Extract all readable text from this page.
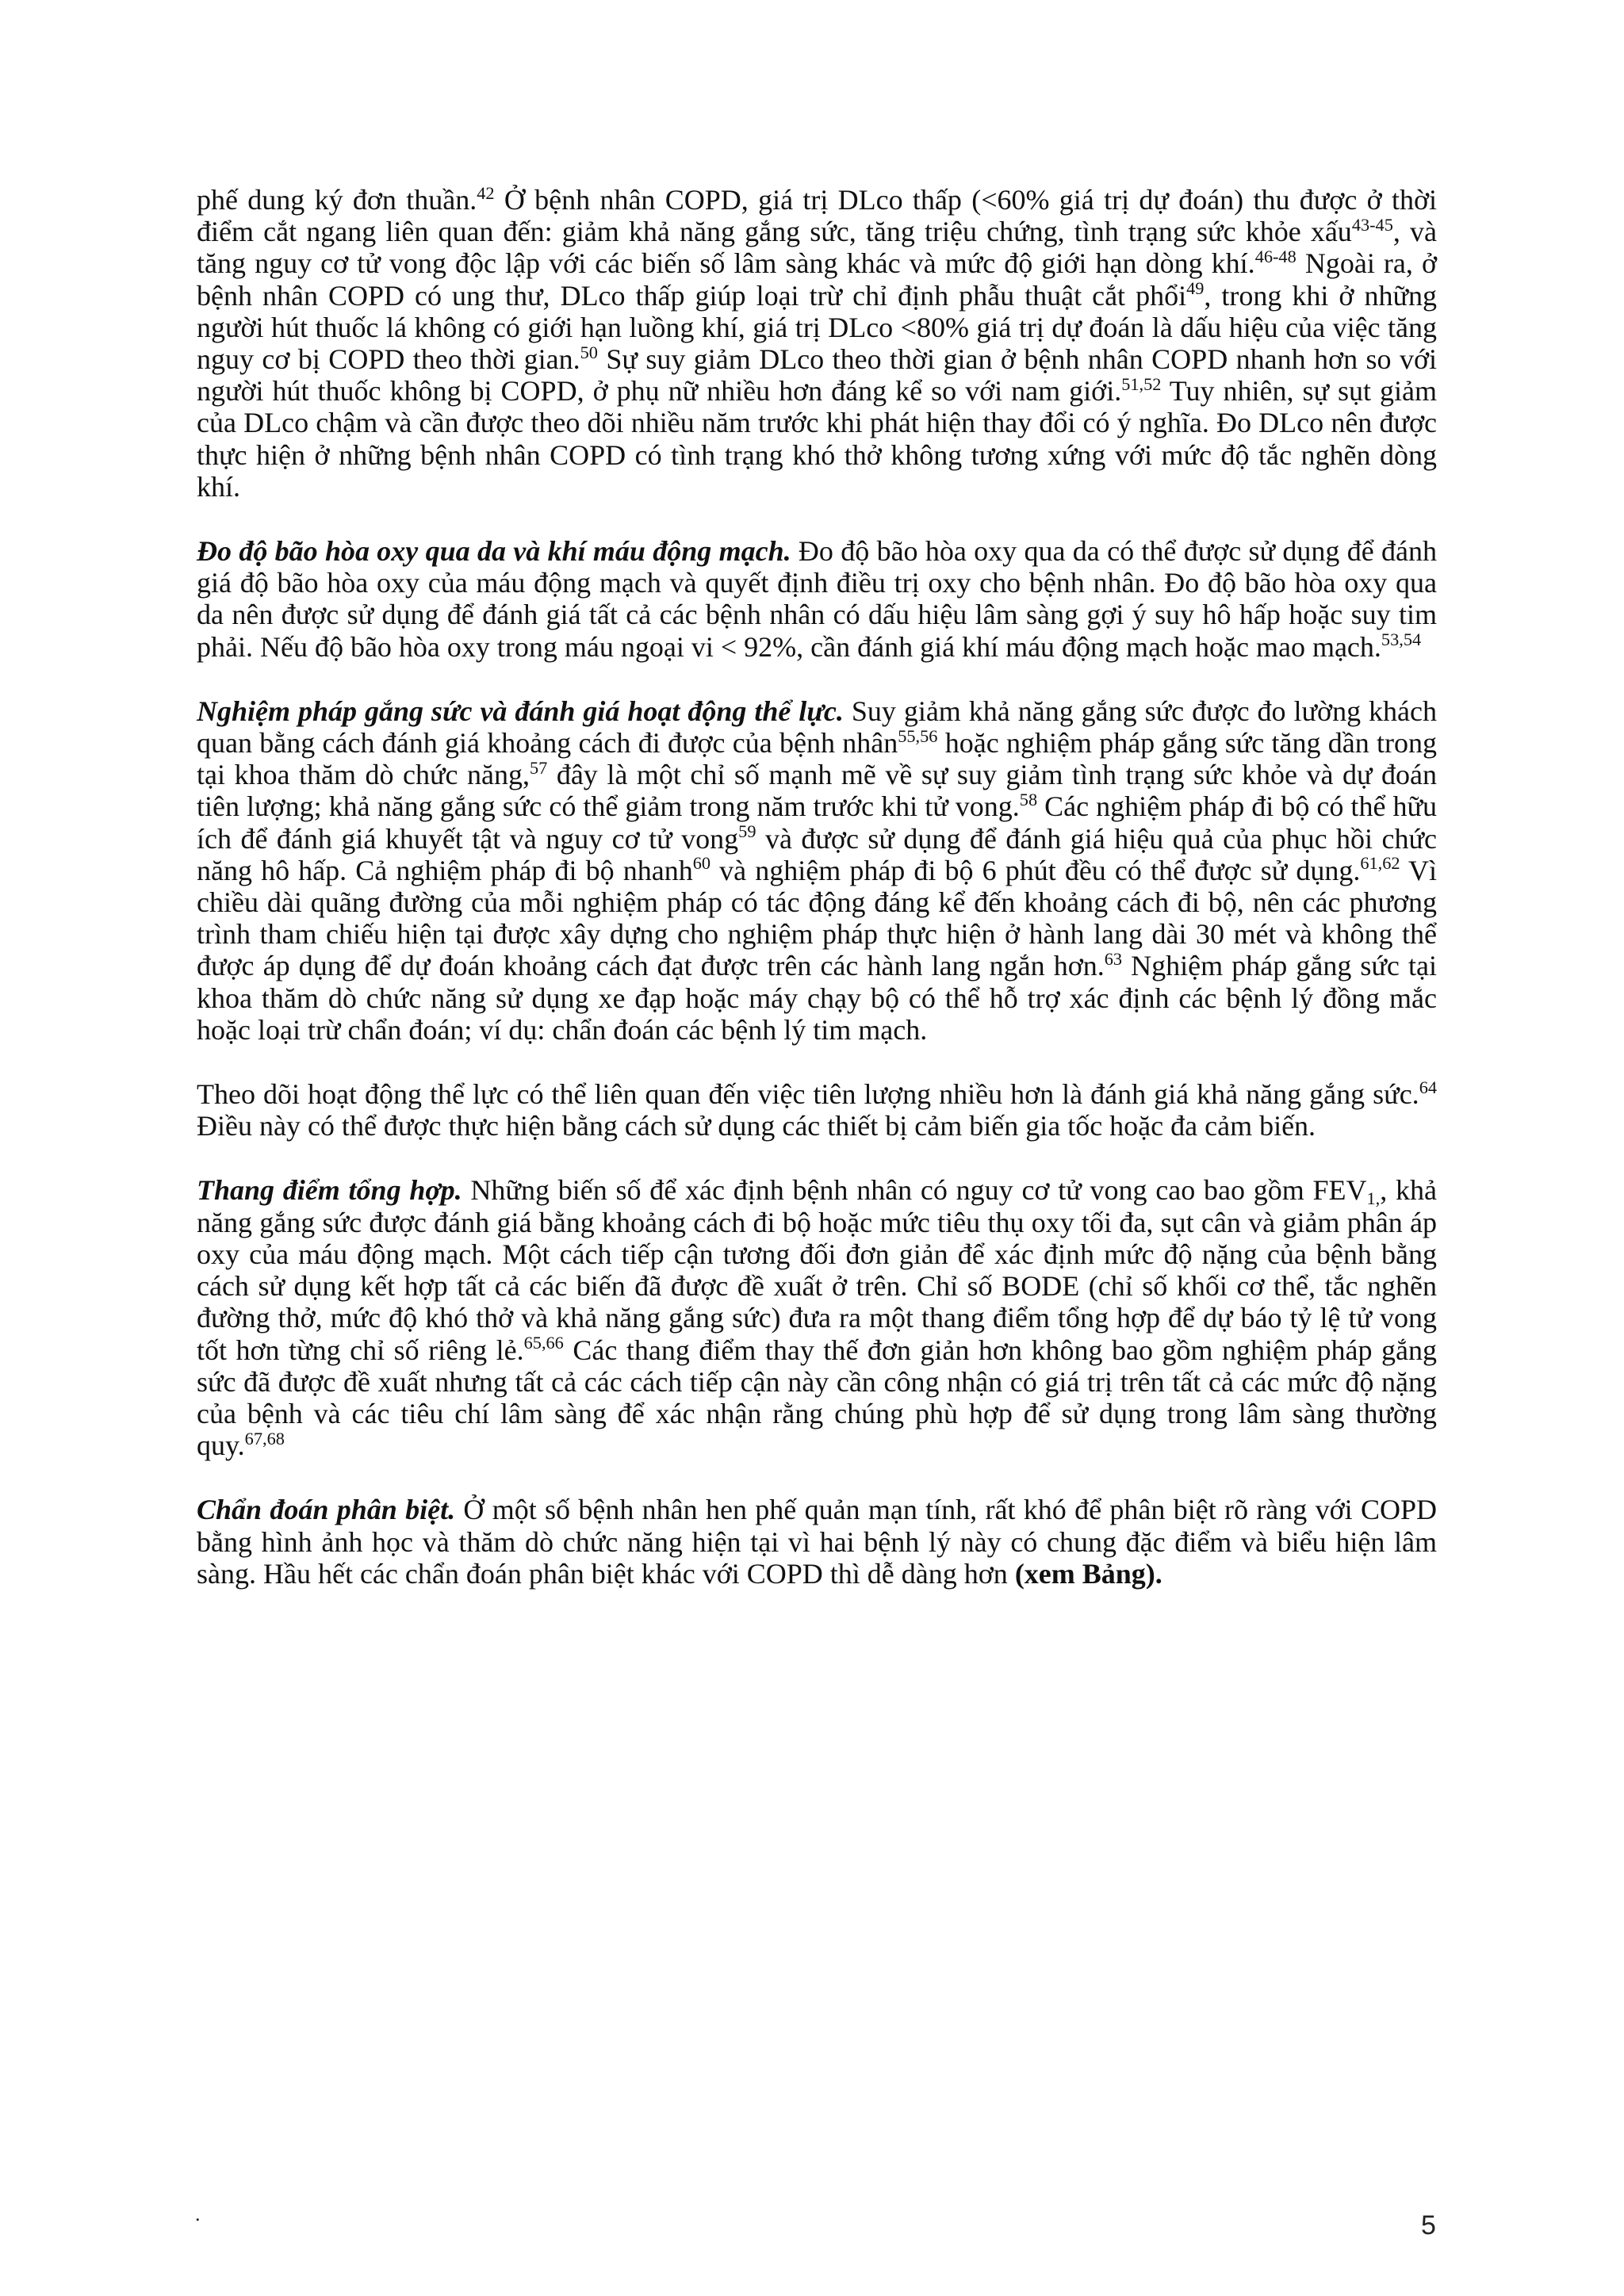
phế dung ký đơn thuần.$^{42}$ Ở bệnh nhân COPD, giá trị DLco thấp (<60% giá trị dự đoán) thu được ở thời điểm cắt ngang liên quan đến: giảm khả năng gắng sức, tăng triệu chứng, tình trạng sức khỏe xấu$^{43-45}$, và tăng nguy cơ tử vong độc lập với các biến số lâm sàng khác và mức độ giới hạn dòng khí.$^{46-48}$ Ngoài ra, ở bệnh nhân COPD có ung thư, DLco thấp giúp loại trừ chỉ định phẫu thuật cắt phổi$^{49}$, trong khi ở những người hút thuốc lá không có giới hạn luồng khí, giá trị DLco <80% giá trị dự đoán là dấu hiệu của việc tăng nguy cơ bị COPD theo thời gian.$^{50}$ Sự suy giảm DLco theo thời gian ở bệnh nhân COPD nhanh hơn so với người hút thuốc không bị COPD, ở phụ nữ nhiều hơn đáng kể so với nam giới.$^{51,52}$ Tuy nhiên, sự sụt giảm của DLco chậm và cần được theo dõi nhiều năm trước khi phát hiện thay đổi có ý nghĩa. Đo DLco nên được thực hiện ở những bệnh nhân COPD có tình trạng khó thở không tương xứng với mức độ tắc nghẽn dòng khí.

Đo độ bão hòa oxy qua da và khí máu động mạch. Đo độ bão hòa oxy qua da có thể được sử dụng để đánh giá độ bão hòa oxy của máu động mạch và quyết định điều trị oxy cho bệnh nhân. Đo độ bão hòa oxy qua da nên được sử dụng để đánh giá tất cả các bệnh nhân có dấu hiệu lâm sàng gợi ý suy hô hấp hoặc suy tim phải. Nếu độ bão hòa oxy trong máu ngoại vi < 92%, cần đánh giá khí máu động mạch hoặc mao mạch.$^{53,54}$

Nghiệm pháp gắng sức và đánh giá hoạt động thể lực. Suy giảm khả năng gắng sức được đo lường khách quan bằng cách đánh giá khoảng cách đi được của bệnh nhân$^{55,56}$ hoặc nghiệm pháp gắng sức tăng dần trong tại khoa thăm dò chức năng,$^{57}$ đây là một chỉ số mạnh mẽ về sự suy giảm tình trạng sức khỏe và dự đoán tiên lượng; khả năng gắng sức có thể giảm trong năm trước khi tử vong.$^{58}$ Các nghiệm pháp đi bộ có thể hữu ích để đánh giá khuyết tật và nguy cơ tử vong$^{59}$ và được sử dụng để đánh giá hiệu quả của phục hồi chức năng hô hấp. Cả nghiệm pháp đi bộ nhanh$^{60}$ và nghiệm pháp đi bộ 6 phút đều có thể được sử dụng.$^{61,62}$ Vì chiều dài quãng đường của mỗi nghiệm pháp có tác động đáng kể đến khoảng cách đi bộ, nên các phương trình tham chiếu hiện tại được xây dựng cho nghiệm pháp thực hiện ở hành lang dài 30 mét và không thể được áp dụng để dự đoán khoảng cách đạt được trên các hành lang ngắn hơn.$^{63}$ Nghiệm pháp gắng sức tại khoa thăm dò chức năng sử dụng xe đạp hoặc máy chạy bộ có thể hỗ trợ xác định các bệnh lý đồng mắc hoặc loại trừ chẩn đoán; ví dụ: chẩn đoán các bệnh lý tim mạch.

Theo dõi hoạt động thể lực có thể liên quan đến việc tiên lượng nhiều hơn là đánh giá khả năng gắng sức.$^{64}$ Điều này có thể được thực hiện bằng cách sử dụng các thiết bị cảm biến gia tốc hoặc đa cảm biến.

Thang điểm tổng hợp. Những biến số để xác định bệnh nhân có nguy cơ tử vong cao bao gồm $FEV_{1,}$, khả năng gắng sức được đánh giá bằng khoảng cách đi bộ hoặc mức tiêu thụ oxy tối đa, sụt cân và giảm phân áp oxy của máu động mạch. Một cách tiếp cận tương đối đơn giản để xác định mức độ nặng của bệnh bằng cách sử dụng kết hợp tất cả các biến đã được đề xuất ở trên. Chỉ số BODE (chỉ số khối cơ thể, tắc nghẽn đường thở, mức độ khó thở và khả năng gắng sức) đưa ra một thang điểm tổng hợp để dự báo tỷ lệ tử vong tốt hơn từng chỉ số riêng lẻ.$^{65,66}$ Các thang điểm thay thế đơn giản hơn không bao gồm nghiệm pháp gắng sức đã được đề xuất nhưng tất cả các cách tiếp cận này cần công nhận có giá trị trên tất cả các mức độ nặng của bệnh và các tiêu chí lâm sàng để xác nhận rằng chúng phù hợp để sử dụng trong lâm sàng thường quy.$^{67,68}$

Chẩn đoán phân biệt. Ở một số bệnh nhân hen phế quản mạn tính, rất khó để phân biệt rõ ràng với COPD bằng hình ảnh học và thăm dò chức năng hiện tại vì hai bệnh lý này có chung đặc điểm và biểu hiện lâm sàng. Hầu hết các chẩn đoán phân biệt khác với COPD thì dễ dàng hơn (xem Bảng).

.	5
